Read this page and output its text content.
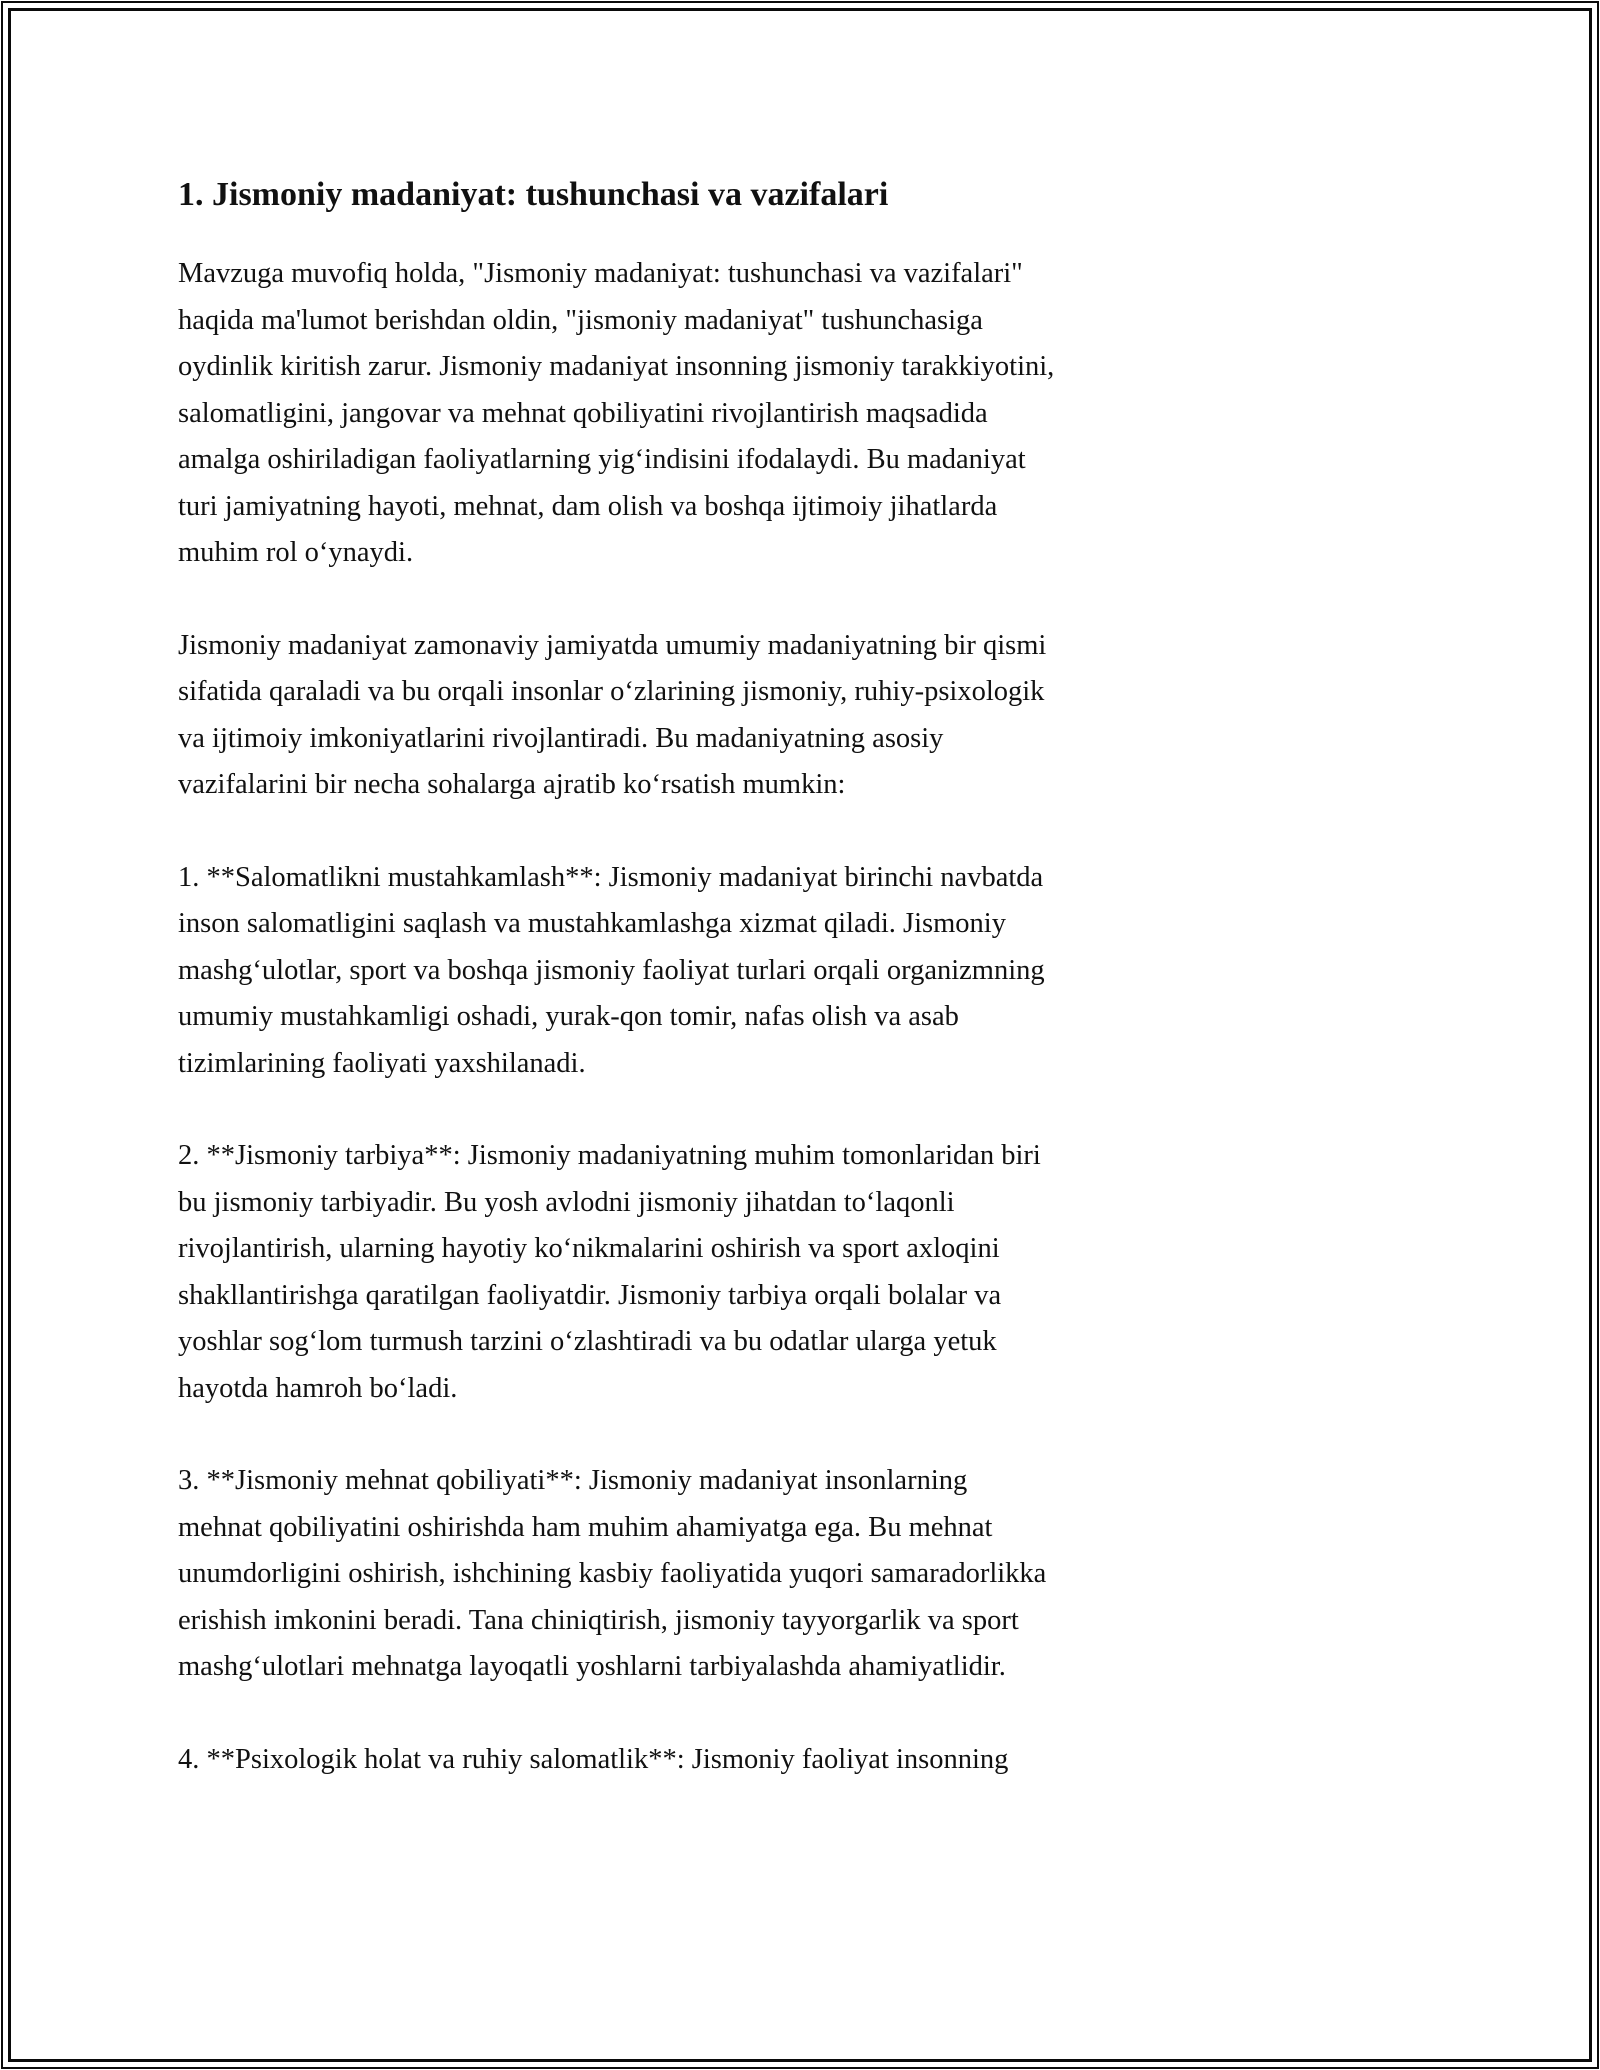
1. Jismoniy madaniyat: tushunchasi va vazifalari

Mavzuga muvofiq holda, "Jismoniy madaniyat: tushunchasi va vazifalari"
haqida ma'lumot berishdan oldin, "jismoniy madaniyat" tushunchasiga
oydinlik kiritish zarur. Jismoniy madaniyat insonning jismoniy tarakkiyotini,
salomatligini, jangovar va mehnat qobiliyatini rivojlantirish maqsadida
amalga oshiriladigan faoliyatlarning yigʻindisini ifodalaydi. Bu madaniyat
turi jamiyatning hayoti, mehnat, dam olish va boshqa ijtimoiy jihatlarda
muhim rol oʻynaydi.

Jismoniy madaniyat zamonaviy jamiyatda umumiy madaniyatning bir qismi
sifatida qaraladi va bu orqali insonlar oʻzlarining jismoniy, ruhiy-psixologik
va ijtimoiy imkoniyatlarini rivojlantiradi. Bu madaniyatning asosiy
vazifalarini bir necha sohalarga ajratib koʻrsatish mumkin:

1. **Salomatlikni mustahkamlash**: Jismoniy madaniyat birinchi navbatda
inson salomatligini saqlash va mustahkamlashga xizmat qiladi. Jismoniy
mashgʻulotlar, sport va boshqa jismoniy faoliyat turlari orqali organizmning
umumiy mustahkamligi oshadi, yurak-qon tomir, nafas olish va asab
tizimlarining faoliyati yaxshilanadi.

2. **Jismoniy tarbiya**: Jismoniy madaniyatning muhim tomonlaridan biri
bu jismoniy tarbiyadir. Bu yosh avlodni jismoniy jihatdan toʻlaqonli
rivojlantirish, ularning hayotiy koʻnikmalarini oshirish va sport axloqini
shakllantirishga qaratilgan faoliyatdir. Jismoniy tarbiya orqali bolalar va
yoshlar sogʻlom turmush tarzini oʻzlashtiradi va bu odatlar ularga yetuk
hayotda hamroh boʻladi.

3. **Jismoniy mehnat qobiliyati**: Jismoniy madaniyat insonlarning
mehnat qobiliyatini oshirishda ham muhim ahamiyatga ega. Bu mehnat
unumdorligini oshirish, ishchining kasbiy faoliyatida yuqori samaradorlikka
erishish imkonini beradi. Tana chiniqtirish, jismoniy tayyorgarlik va sport
mashgʻulotlari mehnatga layoqatli yoshlarni tarbiyalashda ahamiyatlidir.

4. **Psixologik holat va ruhiy salomatlik**: Jismoniy faoliyat insonning
